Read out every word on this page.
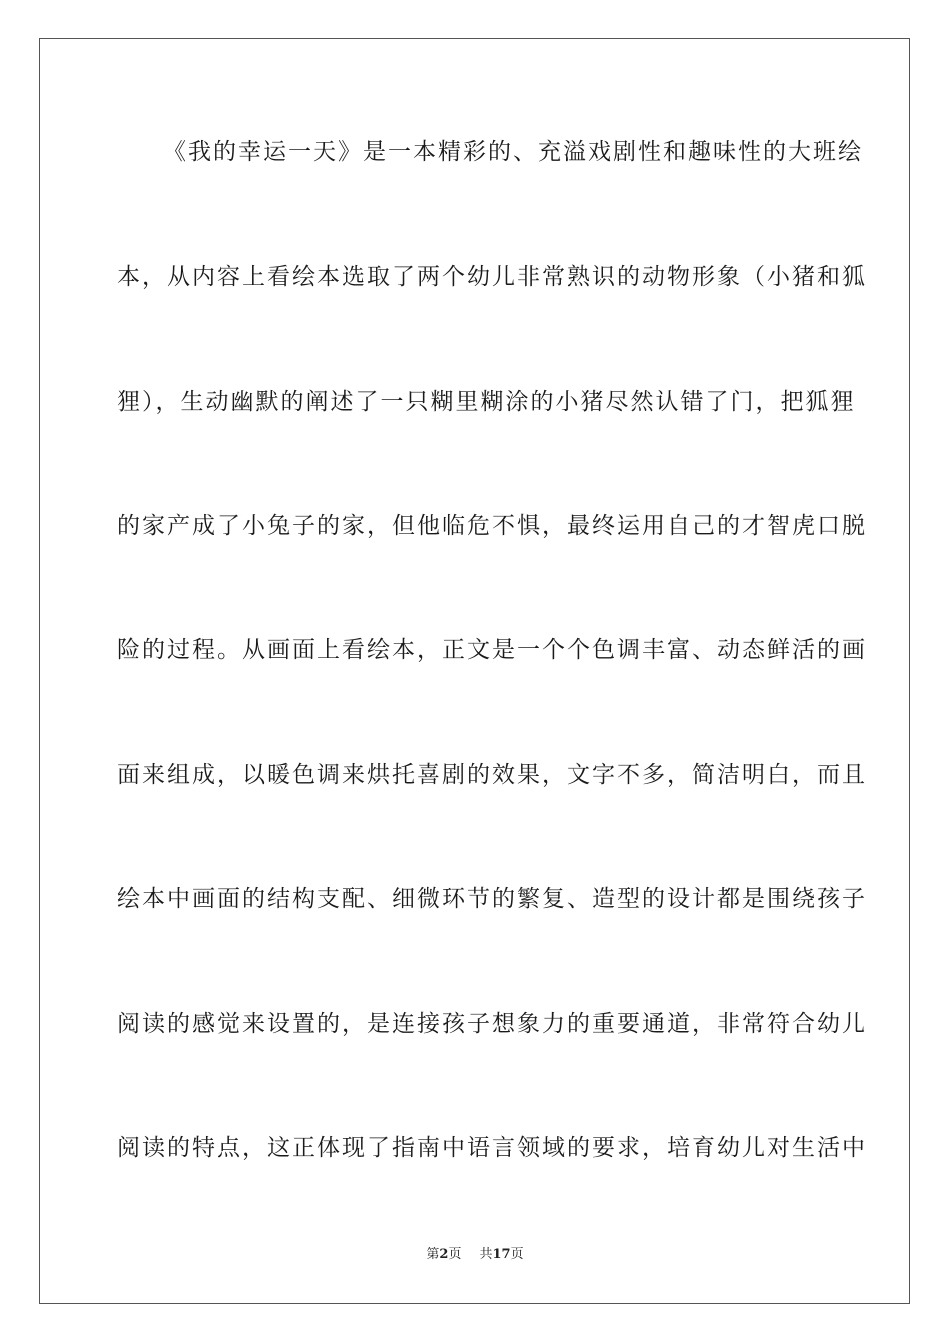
《我的幸运一天》是一本精彩的、充溢戏剧性和趣味性的大班绘
本，从内容上看绘本选取了两个幼儿非常熟识的动物形象（小猪和狐
狸），生动幽默的阐述了一只糊里糊涂的小猪尽然认错了门，把狐狸
的家产成了小兔子的家，但他临危不惧，最终运用自己的才智虎口脱
险的过程。从画面上看绘本，正文是一个个色调丰富、动态鲜活的画
面来组成，以暖色调来烘托喜剧的效果，文字不多，简洁明白，而且
绘本中画面的结构支配、细微环节的繁复、造型的设计都是围绕孩子
阅读的感觉来设置的，是连接孩子想象力的重要通道，非常符合幼儿
阅读的特点，这正体现了指南中语言领域的要求，培育幼儿对生活中
第2页 共17页
